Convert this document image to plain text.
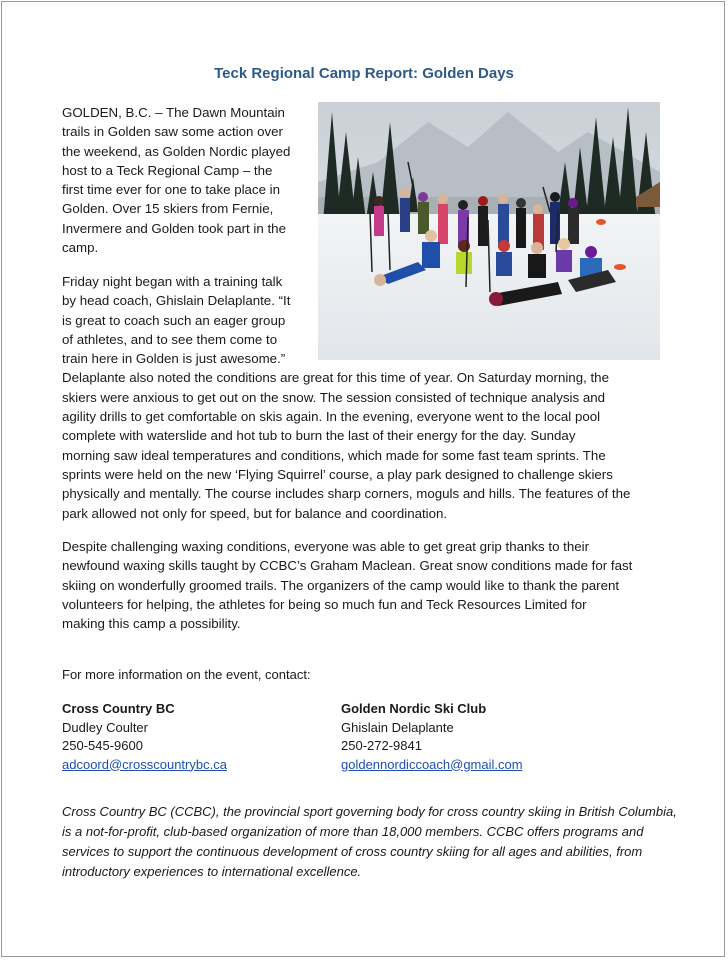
Teck Regional Camp Report: Golden Days
GOLDEN, B.C. – The Dawn Mountain
trails in Golden saw some action over
the weekend, as Golden Nordic played
host to a Teck Regional Camp – the
first time ever for one to take place in
Golden. Over 15 skiers from Fernie,
Invermere and Golden took part in the
camp.
Friday night began with a training talk
by head coach, Ghislain Delaplante. “It
is great to coach such an eager group
of athletes, and to see them come to
train here in Golden is just awesome.”
Delaplante also noted the conditions are great for this time of year. On Saturday morning, the
skiers were anxious to get out on the snow. The session consisted of technique analysis and
agility drills to get comfortable on skis again. In the evening, everyone went to the local pool
complete with waterslide and hot tub to burn the last of their energy for the day. Sunday
morning saw ideal temperatures and conditions, which made for some fast team sprints. The
sprints were held on the new ‘Flying Squirrel’ course, a play park designed to challenge skiers
physically and mentally. The course includes sharp corners, moguls and hills. The features of the
park allowed not only for speed, but for balance and coordination.
Despite challenging waxing conditions, everyone was able to get great grip thanks to their
newfound waxing skills taught by CCBC’s Graham Maclean. Great snow conditions made for fast
skiing on wonderfully groomed trails. The organizers of the camp would like to thank the parent
volunteers for helping, the athletes for being so much fun and Teck Resources Limited for
making this camp a possibility.
For more information on the event, contact:
Cross Country BC
Dudley Coulter
250-545-9600
adcoord@crosscountrybc.ca
Golden Nordic Ski Club
Ghislain Delaplante
250-272-9841
goldennordiccoach@gmail.com
Cross Country BC (CCBC), the provincial sport governing body for cross country skiing in British Columbia,
is a not-for-profit, club-based organization of more than 18,000 members. CCBC offers programs and
services to support the continuous development of cross country skiing for all ages and abilities, from
introductory experiences to international excellence.
